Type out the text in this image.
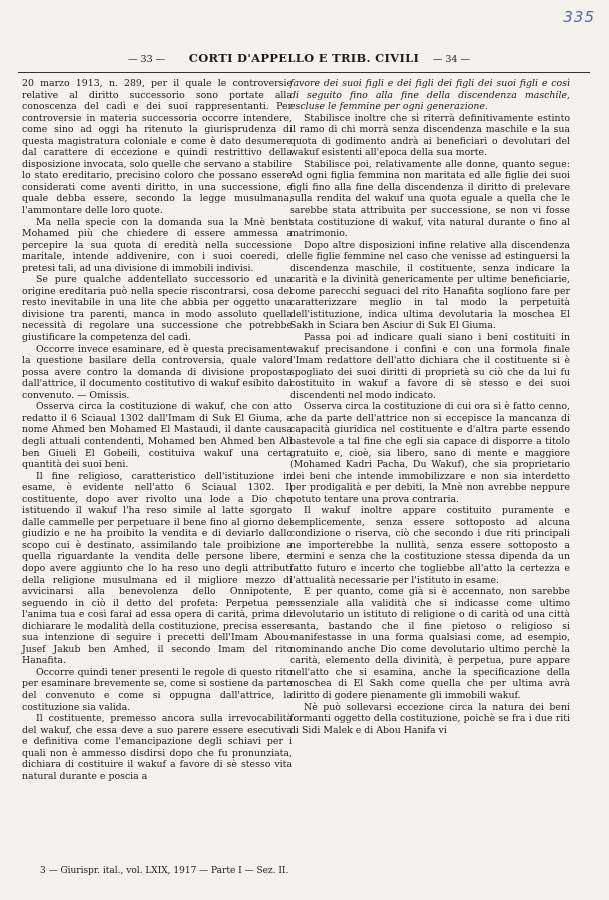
335
— 33 —	CORTI D'APPELLO E TRIB. CIVILI	— 34 —

20 marzo 1913, n. 289, per il quale le controversie relative al diritto successorio sono portate alla conoscenza del cadì e dei suoi rappresentanti. Per controversie in materia successoria occorre intendere, come sino ad oggi ha ritenuto la giurisprudenza di questa magistratura coloniale e come è dato desumere dal carattere di eccezione e quindi restrittivo della disposizione invocata, solo quelle che servano a stabilire lo stato ereditario, precisino coloro che possano essere considerati come aventi diritto, in una successione, e quale debba essere, secondo la legge musulmana, l'ammontare delle loro quote.

Ma nella specie con la domanda sua la Mnè bent Mohamed più che chiedere di essere ammessa a percepire la sua quota di eredità nella successione maritale, intende addivenire, con i suoi coeredi, o pretesi tali, ad una divisione di immobili indivisi.

Se pure qualche addentellato successorio ed una origine ereditaria può nella specie riscontrarsi, cosa del resto inevitabile in una lite che abbia per oggetto una divisione tra parenti, manca in modo assoluto quella necessità di regolare una successione che potrebbe giustificare la competenza del cadì.

Occorre invece esaminare, ed è questa precisamente la questione basilare della controversia, quale valore possa avere contro la domanda di divisione proposta dall'attrice, il documento costitutivo di wakuf esibito dal convenuto. — Omissis.

Osserva circa la costituzione di wakuf, che con atto redatto il 6 Sciaual 1302 dall'Imam di Suk El Giuma, a nome Ahmed ben Mohamed El Mastaudi, il dante causa degli attuali contendenti, Mohamed ben Ahmed ben Alì ben Giueli El Gobeili, costituiva wakuf una certa quantità dei suoi beni.

Il fine religioso, caratteristico dell'istituzione in esame, è evidente nell'atto 6 Sciaual 1302. Il costituente, dopo aver rivolto una lode a Dio che istituendo il wakuf l'ha reso simile al latte sgorgato dalle cammelle per perpetuare il bene fino al giorno del giudizio e ne ha proibito la vendita e di deviarlo dallo scopo cui è destinato, assimilando tale proibizione a quella riguardante la vendita delle persone libere, e dopo avere aggiunto che lo ha reso uno degli attributi della religione musulmana ed il migliore mezzo di avvicinarsi alla benevolenza dello Onnipotente, seguendo in ciò il detto del profeta: Perpetua per l'anima tua e così farai ad essa opera di carità, prima di dichiarare le modalità della costituzione, precisa essere sua intenzione di seguire i precetti dell'Imam Abou-Jusef Jakub ben Amhed, il secondo Imam del rito Hanafita.

Occorre quindi tener presenti le regole di questo rito per esaminare brevemente se, come si sostiene da parte del convenuto e come si oppugna dall'attrice, la costituzione sia valida.

Il costituente, premesso ancora sulla irrevocabilità del wakuf, che essa deve a suo parere essere esecutiva e definitiva come l'emancipazione degli schiavi per i quali non è ammesso disdirsi dopo che fu pronunziata, dichiara di costituire il wakuf a favore di sè stesso vita natural durante e poscia a

favore dei suoi figli e dei figli dei figli dei suoi figli e così di seguito fino alla fine della discendenza maschile, escluse le femmine per ogni generazione.

Stabilisce inoltre che si riterrà definitivamente estinto il ramo di chi morrà senza discendenza maschile e la sua quota di godimento andrà ai beneficiari o devolutari del wakuf esistenti all'epoca della sua morte.

Stabilisce poi, relativamente alle donne, quanto segue: Ad ogni figlia femmina non maritata ed alle figlie dei suoi figli fino alla fine della discendenza il diritto di prelevare sulla rendita del wakuf una quota eguale a quella che le sarebbe stata attribuita per successione, se non vi fosse stata costituzione di wakuf, vita natural durante o fino al matrimonio.

Dopo altre disposizioni infine relative alla discendenza delle figlie femmine nel caso che venisse ad estinguersi la discendenza maschile, il costituente, senza indicare la carità e la divinità genericamente per ultime beneficiarie, come parecchi seguaci del rito Hanafita sogliono fare per caratterizzare meglio in tal modo la perpetuità dell'istituzione, indica ultima devolutaria la moschea El Sakh in Sciara ben Asciur di Suk El Giuma.

Passa poi ad indicare quali siano i beni costituiti in wakuf precisandone i confini e con una formola finale l'Imam redattore dell'atto dichiara che il costituente si è spogliato dei suoi diritti di proprietà su ciò che da lui fu costituito in wakuf a favore di sè stesso e dei suoi discendenti nel modo indicato.

Osserva circa la costituzione di cui ora si è fatto cenno, che da parte dell'attrice non si eccepisce la mancanza di capacità giuridica nel costituente e d'altra parte essendo bastevole a tal fine che egli sia capace di disporre a titolo gratuito e, cioè, sia libero, sano di mente e maggiore (Mohamed Kadri Pacha, Du Wakuf), che sia proprietario dei beni che intende immobilizzare e non sia interdetto per prodigalità e per debiti, la Mnè non avrebbe neppure potuto tentare una prova contraria.

Il wakuf inoltre appare costituito puramente e semplicemente, senza essere sottoposto ad alcuna condizione o riserva, ciò che secondo i due riti principali ne importerebbe la nullità, senza essere sottoposto a termini e senza che la costituzione stessa dipenda da un fatto futuro e incerto che togliebbe all'atto la certezza e l'attualità necessarie per l'istituto in esame.

E per quanto, come già si è accennato, non sarebbe essenziale alla validità che si indicasse come ultimo devolutario un istituto di religione o di carità od una città santa, bastando che il fine pietoso o religioso si manifestasse in una forma qualsiasi come, ad esempio, nominando anche Dio come devolutario ultimo perchè la carità, elemento della divinità, è perpetua, pure appare nell'atto che si esamina, anche la specificazione della moschea di El Sakh come quella che per ultima avrà diritto di godere pienamente gli immobili wakuf.

Nè può sollevarsi eccezione circa la natura dei beni formanti oggetto della costituzione, poichè se fra i due riti di Sidi Malek e di Abou Hanifa vi

3 — Giurispr. ital., vol. LXIX, 1917 — Parte I — Sez. II.
